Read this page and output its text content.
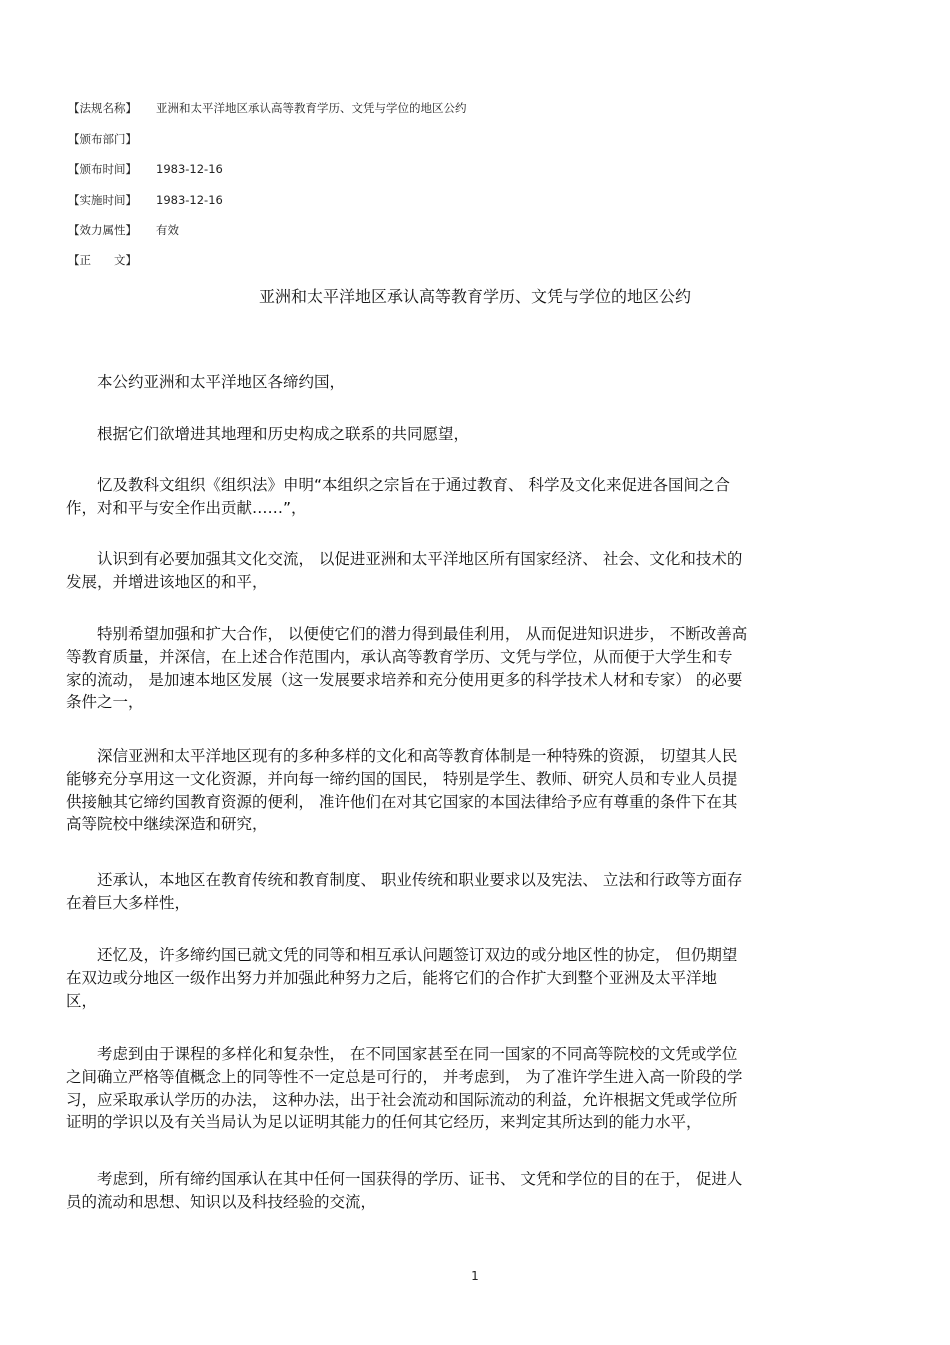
【法规名称】 亚洲和太平洋地区承认高等教育学历、文凭与学位的地区公约
【颁布部门】
【颁布时间】 1983-12-16
【实施时间】 1983-12-16
【效力属性】 有效
【正　　文】
亚洲和太平洋地区承认高等教育学历、文凭与学位的地区公约
　　本公约亚洲和太平洋地区各缔约国，
　　根据它们欲增进其地理和历史构成之联系的共同愿望，
　　忆及教科文组织《组织法》申明“本组织之宗旨在于通过教育、 科学及文化来促进各国间之合
作，对和平与安全作出贡献……”，
　　认识到有必要加强其文化交流， 以促进亚洲和太平洋地区所有国家经济、 社会、文化和技术的
发展，并增进该地区的和平，
　　特别希望加强和扩大合作， 以便使它们的潜力得到最佳利用， 从而促进知识进步， 不断改善高
等教育质量，并深信，在上述合作范围内，承认高等教育学历、文凭与学位，从而便于大学生和专
家的流动， 是加速本地区发展（这一发展要求培养和充分使用更多的科学技术人材和专家） 的必要
条件之一，
　　深信亚洲和太平洋地区现有的多种多样的文化和高等教育体制是一种特殊的资源， 切望其人民
能够充分享用这一文化资源，并向每一缔约国的国民， 特别是学生、教师、研究人员和专业人员提
供接触其它缔约国教育资源的便利， 准许他们在对其它国家的本国法律给予应有尊重的条件下在其
高等院校中继续深造和研究，
　　还承认，本地区在教育传统和教育制度、 职业传统和职业要求以及宪法、 立法和行政等方面存
在着巨大多样性，
　　还忆及，许多缔约国已就文凭的同等和相互承认问题签订双边的或分地区性的协定， 但仍期望
在双边或分地区一级作出努力并加强此种努力之后，能将它们的合作扩大到整个亚洲及太平洋地
区，
　　考虑到由于课程的多样化和复杂性， 在不同国家甚至在同一国家的不同高等院校的文凭或学位
之间确立严格等值概念上的同等性不一定总是可行的， 并考虑到， 为了准许学生进入高一阶段的学
习，应采取承认学历的办法， 这种办法，出于社会流动和国际流动的利益，允许根据文凭或学位所
证明的学识以及有关当局认为足以证明其能力的任何其它经历，来判定其所达到的能力水平，
　　考虑到，所有缔约国承认在其中任何一国获得的学历、证书、 文凭和学位的目的在于， 促进人
员的流动和思想、知识以及科技经验的交流，
1
